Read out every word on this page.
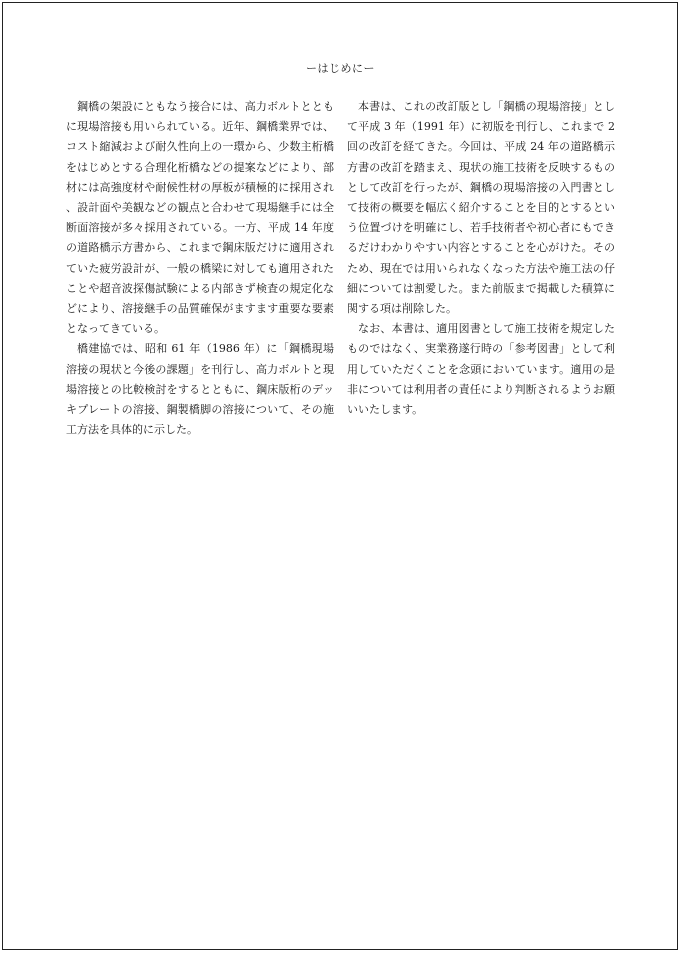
ーはじめにー

鋼橋の架設にともなう接合には、高力ボルトとともに現場溶接も用いられている。近年、鋼橋業界では、コスト縮減および耐久性向上の一環から、少数主桁橋をはじめとする合理化桁橋などの提案などにより、部材には高強度材や耐候性材の厚板が積極的に採用され、設計面や美観などの観点と合わせて現場継手には全断面溶接が多々採用されている。一方、平成 14 年度の道路橋示方書から、これまで鋼床版だけに適用されていた疲労設計が、一般の橋梁に対しても適用されたことや超音波探傷試験による内部きず検査の規定化などにより、溶接継手の品質確保がますます重要な要素となってきている。

橋建協では、昭和 61 年（1986 年）に「鋼橋現場溶接の現状と今後の課題」を刊行し、高力ボルトと現場溶接との比較検討をするとともに、鋼床版桁のデッキプレートの溶接、鋼製橋脚の溶接について、その施工方法を具体的に示した。

本書は、これの改訂版とし「鋼橋の現場溶接」として平成 3 年（1991 年）に初版を刊行し、これまで 2 回の改訂を経てきた。今回は、平成 24 年の道路橋示方書の改訂を踏まえ、現状の施工技術を反映するものとして改訂を行ったが、鋼橋の現場溶接の入門書として技術の概要を幅広く紹介することを目的とするという位置づけを明確にし、若手技術者や初心者にもできるだけわかりやすい内容とすることを心がけた。そのため、現在では用いられなくなった方法や施工法の仔細については割愛した。また前版まで掲載した積算に関する項は削除した。

なお、本書は、適用図書として施工技術を規定したものではなく、実業務遂行時の「参考図書」として利用していただくことを念頭においています。適用の是非については利用者の責任により判断されるようお願いいたします。
